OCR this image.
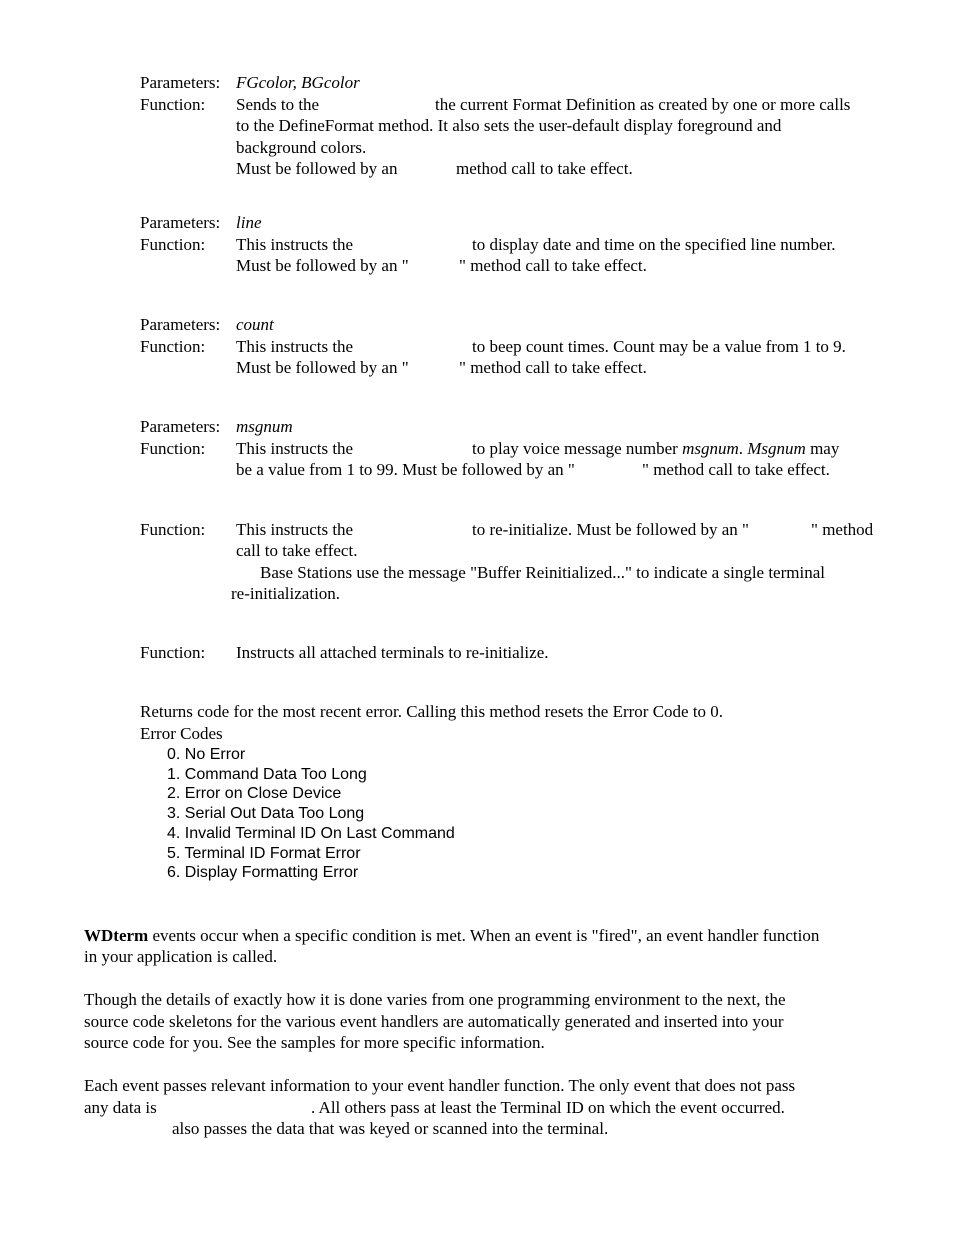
Parameters: FGcolor, BGcolor
Function: Sends to the	the current Format Definition as created by one or more calls
to the DefineFormat method. It also sets the user-default display foreground and
background colors.
Must be followed by an	method call to take effect.
Parameters: line
Function: This instructs the	to display date and time on the specified line number.
Must be followed by an "	" method call to take effect.
Parameters: count
Function: This instructs the	to beep count times. Count may be a value from 1 to 9.
Must be followed by an "	" method call to take effect.
Parameters: msgnum
Function: This instructs the	to play voice message number msgnum. Msgnum may
be a value from 1 to 99. Must be followed by an "	" method call to take effect.
Function: This instructs the	to re-initialize. Must be followed by an "	" method
call to take effect.
Base Stations use the message "Buffer Reinitialized..." to indicate a single terminal
re-initialization.
Function: Instructs all attached terminals to re-initialize.
Returns code for the most recent error. Calling this method resets the Error Code to 0.
Error Codes
0. No Error
1. Command Data Too Long
2. Error on Close Device
3. Serial Out Data Too Long
4. Invalid Terminal ID On Last Command
5. Terminal ID Format Error
6. Display Formatting Error
WDterm events occur when a specific condition is met. When an event is "fired", an event handler function
in your application is called.
Though the details of exactly how it is done varies from one programming environment to the next, the
source code skeletons for the various event handlers are automatically generated and inserted into your
source code for you. See the samples for more specific information.
Each event passes relevant information to your event handler function. The only event that does not pass
any data is	. All others pass at least the Terminal ID on which the event occurred.
also passes the data that was keyed or scanned into the terminal.
